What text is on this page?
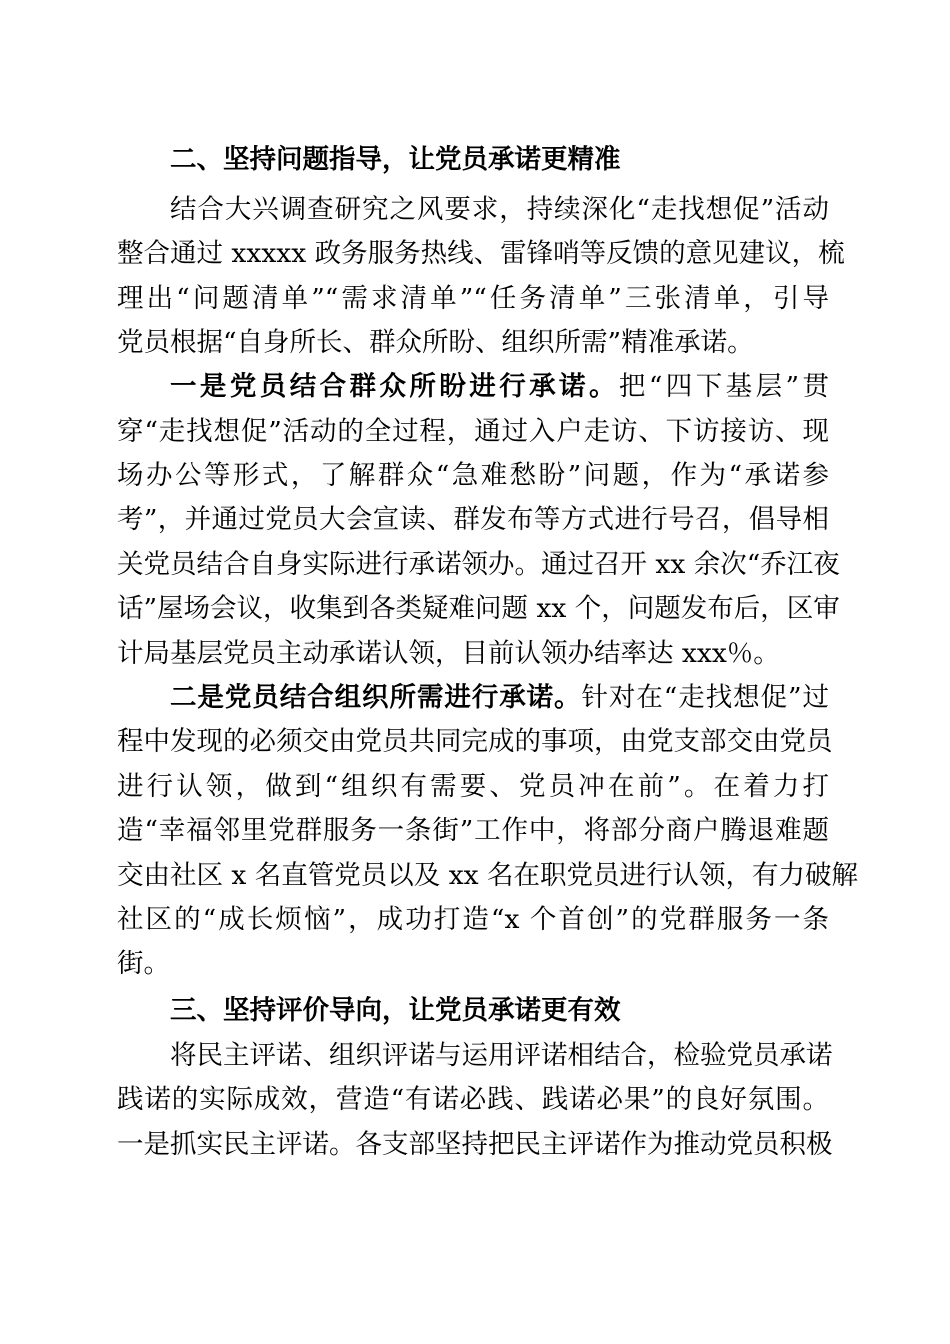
二、坚持问题指导，让党员承诺更精准
结合大兴调查研究之风要求，持续深化“走找想促”活动
整合通过 xxxxx 政务服务热线、雷锋哨等反馈的意见建议，梳
理出“问题清单”“需求清单”“任务清单”三张清单，引导
党员根据“自身所长、群众所盼、组织所需”精准承诺。
一是党员结合群众所盼进行承诺。把“四下基层”贯
穿“走找想促”活动的全过程，通过入户走访、下访接访、现
场办公等形式，了解群众“急难愁盼”问题，作为“承诺参
考”，并通过党员大会宣读、群发布等方式进行号召，倡导相
关党员结合自身实际进行承诺领办。通过召开 xx 余次“乔江夜
话”屋场会议，收集到各类疑难问题 xx 个，问题发布后，区审
计局基层党员主动承诺认领，目前认领办结率达 xxx％。
二是党员结合组织所需进行承诺。针对在“走找想促”过
程中发现的必须交由党员共同完成的事项，由党支部交由党员
进行认领，做到“组织有需要、党员冲在前”。在着力打
造“幸福邻里党群服务一条街”工作中，将部分商户腾退难题
交由社区 x 名直管党员以及 xx 名在职党员进行认领，有力破解
社区的“成长烦恼”，成功打造“x 个首创”的党群服务一条
街。
三、坚持评价导向，让党员承诺更有效
将民主评诺、组织评诺与运用评诺相结合，检验党员承诺
践诺的实际成效，营造“有诺必践、践诺必果”的良好氛围。
一是抓实民主评诺。各支部坚持把民主评诺作为推动党员积极
